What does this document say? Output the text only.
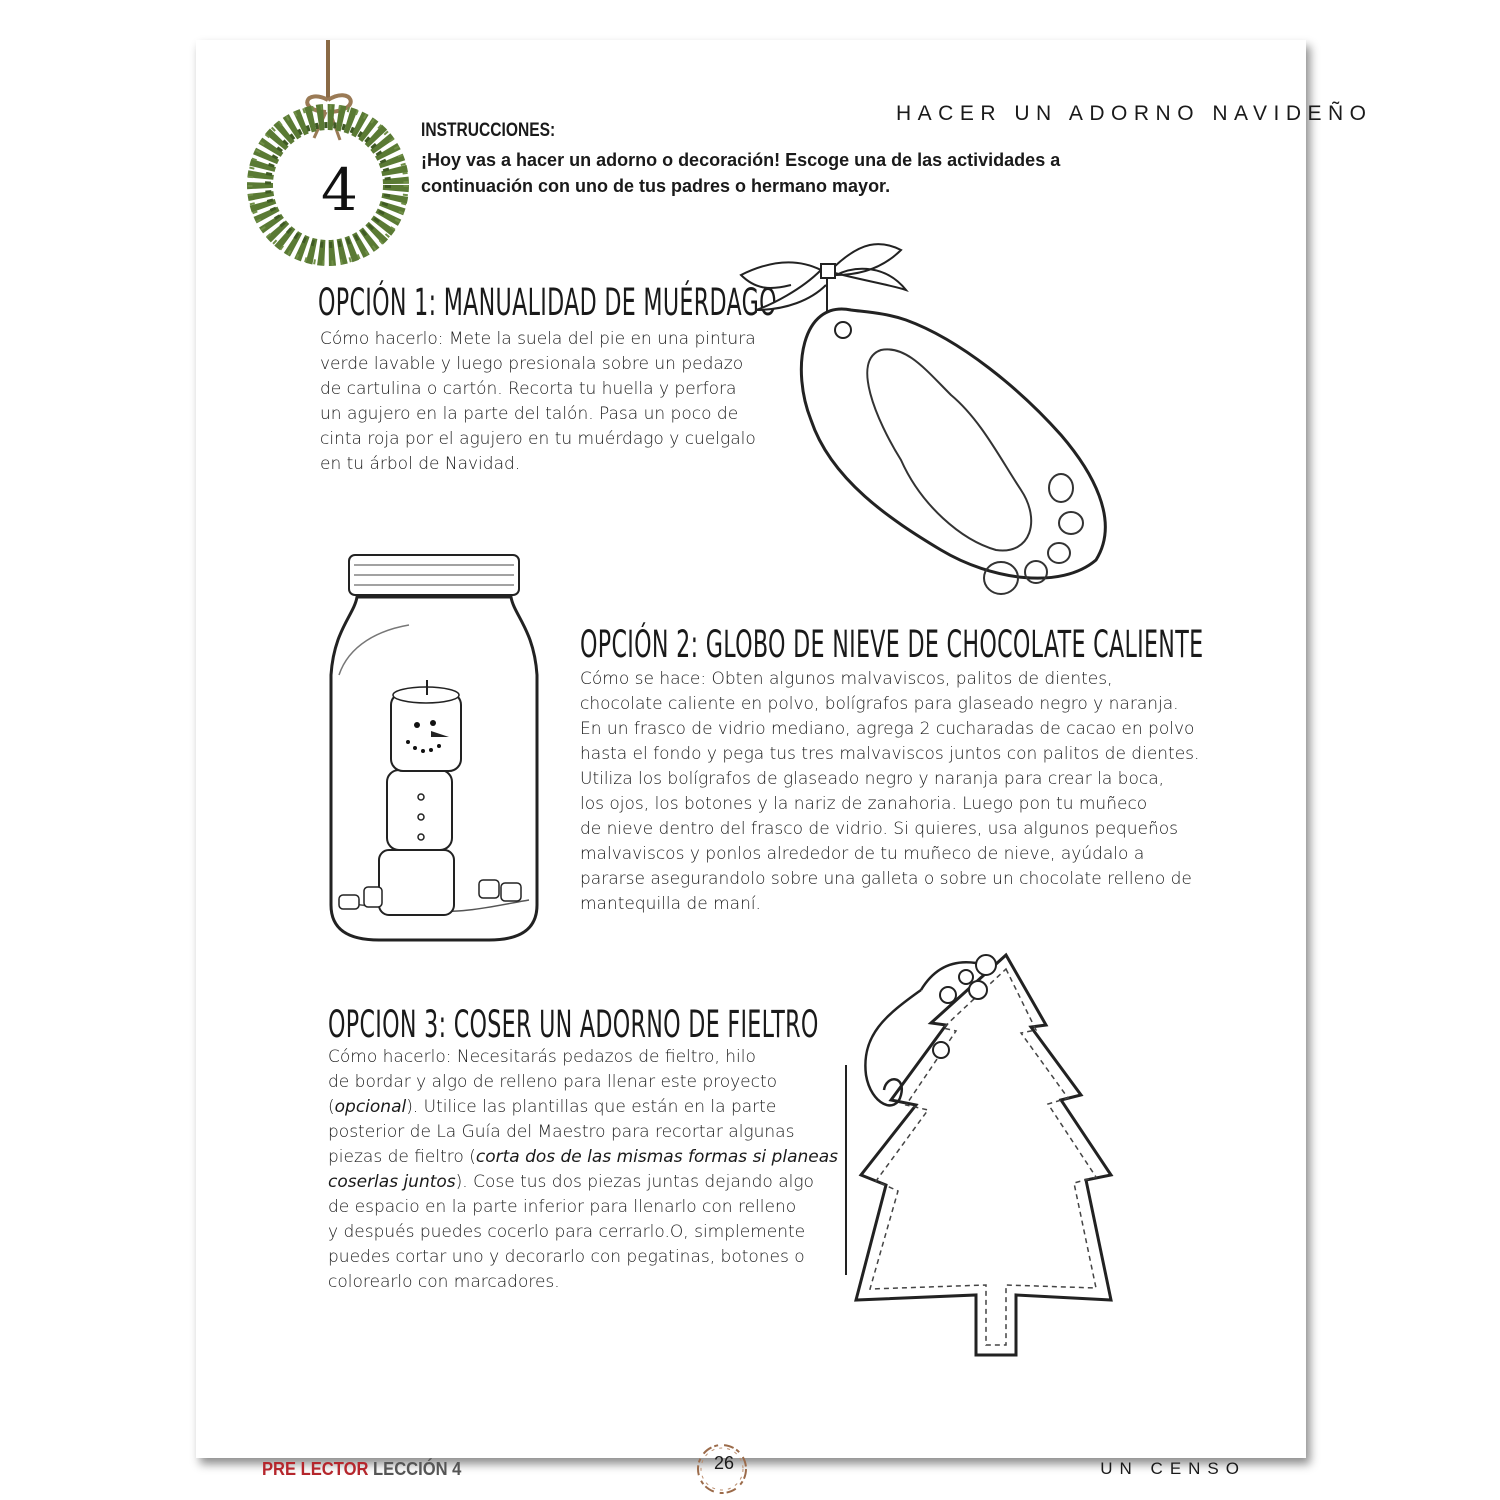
4
HACER UN ADORNO NAVIDEÑO
INSTRUCCIONES:
¡Hoy vas a hacer un adorno o decoración! Escoge una de las actividades a
continuación con uno de tus padres o hermano mayor.
OPCIÓN 1: MANUALIDAD DE MUÉRDAGO

Cómo hacerlo: Mete la suela del pie en una pintura

verde lavable y luego presionala sobre un pedazo

de cartulina o cartón. Recorta tu huella y perfora

un agujero en la parte del talón. Pasa un poco de

cinta roja por el agujero en tu muérdago y cuelgalo

en tu árbol de Navidad.

OPCIÓN 2: GLOBO DE NIEVE DE CHOCOLATE CALIENTE

Cómo se hace: Obten algunos malvaviscos, palitos de dientes,

chocolate caliente en polvo, bolígrafos para glaseado negro y naranja.

En un frasco de vidrio mediano, agrega 2 cucharadas de cacao en polvo

hasta el fondo y pega tus tres malvaviscos juntos con palitos de dientes.

Utiliza los bolígrafos de glaseado negro y naranja para crear la boca,

los ojos, los botones y la nariz de zanahoria. Luego pon tu muñeco

de nieve dentro del frasco de vidrio. Si quieres, usa algunos pequeños

malvaviscos y ponlos alrededor de tu muñeco de nieve, ayúdalo a

pararse asegurandolo sobre una galleta o sobre un chocolate relleno de

mantequilla de maní.

OPCION 3: COSER UN ADORNO DE FIELTRO

Cómo hacerlo: Necesitarás pedazos de fieltro, hilo

de bordar y algo de relleno para llenar este proyecto

(opcional). Utilice las plantillas que están en la parte

posterior de La Guía del Maestro para recortar algunas

piezas de fieltro (corta dos de las mismas formas si planeas

coserlas juntos). Cose tus dos piezas juntas dejando algo

de espacio en la parte inferior para llenarlo con relleno

y después puedes cocerlo para cerrarlo.O, simplemente

puedes cortar uno y decorarlo con pegatinas, botones o

colorearlo con marcadores.

PRE LECTOR LECCIÓN 4	26	UN CENSO
